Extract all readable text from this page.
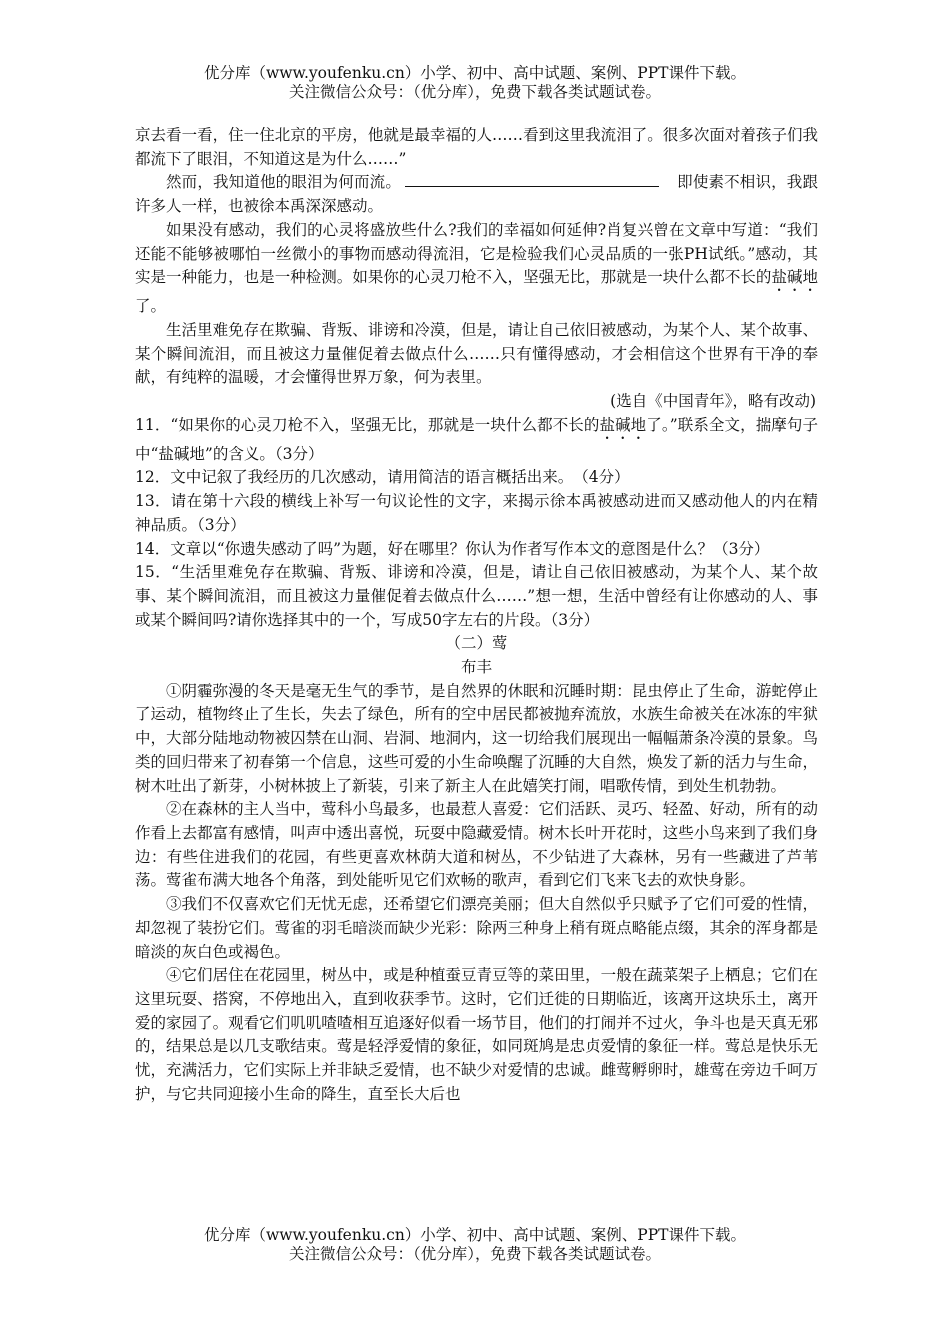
优分库（www.youfenku.cn）小学、初中、高中试题、案例、PPT课件下载。
关注微信公众号：（优分库），免费下载各类试题试卷。

京去看一看，住一住北京的平房，他就是最幸福的人……看到这里我流泪了。很多次面对着孩子们我都流下了眼泪，不知道这是为什么……”

然而，我知道他的眼泪为何而流。	即使素不相识，我跟许多人一样，也被徐本禹深深感动。

如果没有感动，我们的心灵将盛放些什么?我们的幸福如何延伸?肖复兴曾在文章中写道：“我们还能不能够被哪怕一丝微小的事物而感动得流泪，它是检验我们心灵品质的一张PH试纸。”感动，其实是一种能力，也是一种检测。如果你的心灵刀枪不入，坚强无比，那就是一块什么都不长的盐碱地了。

生活里难免存在欺骗、背叛、诽谤和冷漠，但是，请让自己依旧被感动，为某个人、某个故事、某个瞬间流泪，而且被这力量催促着去做点什么……只有懂得感动，才会相信这个世界有干净的奉献，有纯粹的温暖，才会懂得世界万象，何为表里。

(选自《中国青年》，略有改动)

11．“如果你的心灵刀枪不入，坚强无比，那就是一块什么都不长的盐碱地了。”联系全文，揣摩句子中“盐碱地”的含义。（3分）

12．文中记叙了我经历的几次感动，请用简洁的语言概括出来。　（4分）

13．请在第十六段的横线上补写一句议论性的文字，来揭示徐本禹被感动进而又感动他人的内在精神品质。（3分）

14．文章以“你遗失感动了吗”为题，好在哪里？你认为作者写作本文的意图是什么？（3分）

15．“生活里难免存在欺骗、背叛、诽谤和冷漠，但是，请让自己依旧被感动，为某个人、某个故事、某个瞬间流泪，而且被这力量催促着去做点什么……”想一想，生活中曾经有让你感动的人、事或某个瞬间吗?请你选择其中的一个，写成50字左右的片段。（3分）

（二）莺

布丰

①阴霾弥漫的冬天是毫无生气的季节，是自然界的休眠和沉睡时期：昆虫停止了生命，游蛇停止了运动，植物终止了生长，失去了绿色，所有的空中居民都被抛弃流放，水族生命被关在冰冻的牢狱中，大部分陆地动物被囚禁在山洞、岩洞、地洞内，这一切给我们展现出一幅幅萧条冷漠的景象。鸟类的回归带来了初春第一个信息，这些可爱的小生命唤醒了沉睡的大自然，焕发了新的活力与生命，树木吐出了新芽，小树林披上了新装，引来了新主人在此嬉笑打闹，唱歌传情，到处生机勃勃。

②在森林的主人当中，莺科小鸟最多，也最惹人喜爱：它们活跃、灵巧、轻盈、好动，所有的动作看上去都富有感情，叫声中透出喜悦，玩耍中隐藏爱情。树木长叶开花时，这些小鸟来到了我们身边：有些住进我们的花园，有些更喜欢林荫大道和树丛，不少钻进了大森林，另有一些藏进了芦苇荡。莺雀布满大地各个角落，到处能听见它们欢畅的歌声，看到它们飞来飞去的欢快身影。

③我们不仅喜欢它们无忧无虑，还希望它们漂亮美丽；但大自然似乎只赋予了它们可爱的性情，却忽视了装扮它们。莺雀的羽毛暗淡而缺少光彩：除两三种身上稍有斑点略能点缀，其余的浑身都是暗淡的灰白色或褐色。

④它们居住在花园里，树丛中，或是种植蚕豆青豆等的菜田里，一般在蔬菜架子上栖息；它们在这里玩耍、搭窝，不停地出入，直到收获季节。这时，它们迁徙的日期临近，该离开这块乐土，离开爱的家园了。观看它们叽叽喳喳相互追逐好似看一场节目，他们的打闹并不过火，争斗也是天真无邪的，结果总是以几支歌结束。莺是轻浮爱情的象征，如同斑鸠是忠贞爱情的象征一样。莺总是快乐无忧，充满活力，它们实际上并非缺乏爱情，也不缺少对爱情的忠诚。雌莺孵卵时，雄莺在旁边千呵万护，与它共同迎接小生命的降生，直至长大后也

优分库（www.youfenku.cn）小学、初中、高中试题、案例、PPT课件下载。
关注微信公众号：（优分库），免费下载各类试题试卷。
